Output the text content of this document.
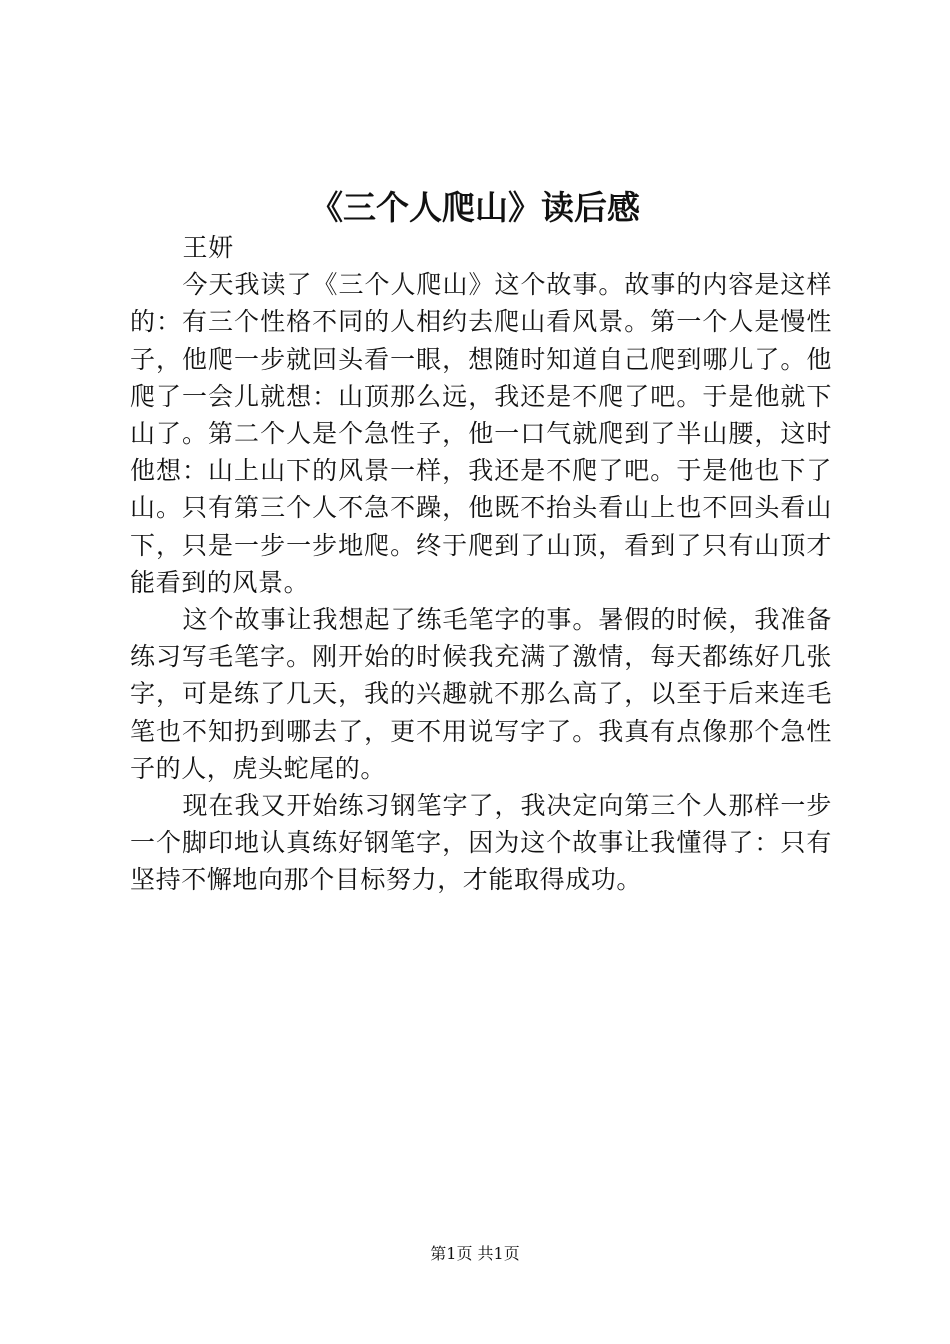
《三个人爬山》读后感

王妍

今天我读了《三个人爬山》这个故事。故事的内容是这样的：有三个性格不同的人相约去爬山看风景。第一个人是慢性子，他爬一步就回头看一眼，想随时知道自己爬到哪儿了。他爬了一会儿就想：山顶那么远，我还是不爬了吧。于是他就下山了。第二个人是个急性子，他一口气就爬到了半山腰，这时他想：山上山下的风景一样，我还是不爬了吧。于是他也下了山。只有第三个人不急不躁，他既不抬头看山上也不回头看山下，只是一步一步地爬。终于爬到了山顶，看到了只有山顶才能看到的风景。

这个故事让我想起了练毛笔字的事。暑假的时候，我准备练习写毛笔字。刚开始的时候我充满了激情，每天都练好几张字，可是练了几天，我的兴趣就不那么高了，以至于后来连毛笔也不知扔到哪去了，更不用说写字了。我真有点像那个急性子的人，虎头蛇尾的。

现在我又开始练习钢笔字了，我决定向第三个人那样一步一个脚印地认真练好钢笔字，因为这个故事让我懂得了：只有坚持不懈地向那个目标努力，才能取得成功。

第1页 共1页
